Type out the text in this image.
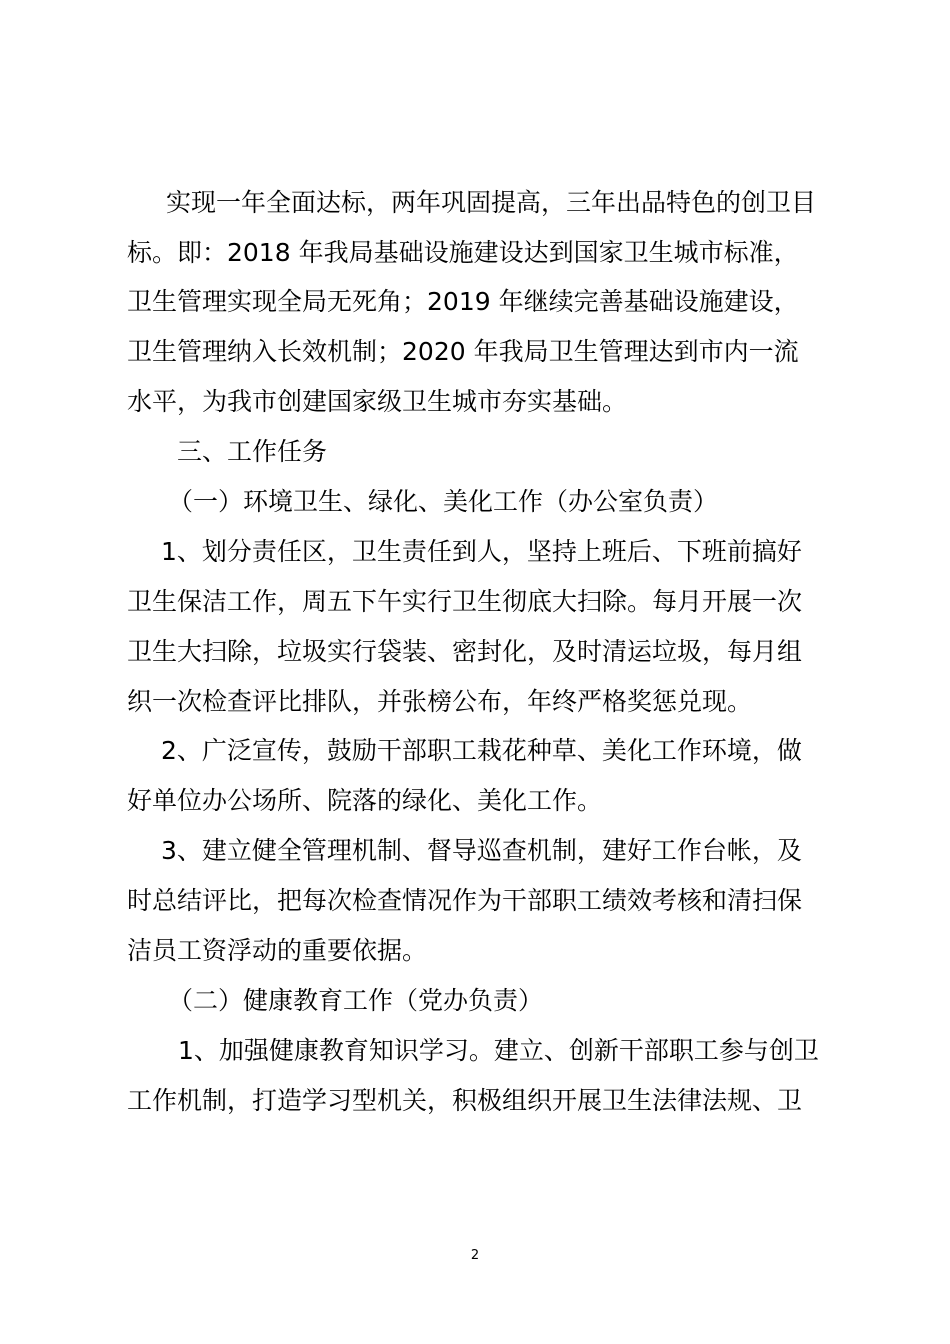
实现一年全面达标，两年巩固提高，三年出品特色的创卫目
标。即：2018 年我局基础设施建设达到国家卫生城市标准，
卫生管理实现全局无死角；2019 年继续完善基础设施建设，
卫生管理纳入长效机制；2020 年我局卫生管理达到市内一流
水平，为我市创建国家级卫生城市夯实基础。
三、工作任务
（一）环境卫生、绿化、美化工作（办公室负责）
1、划分责任区，卫生责任到人，坚持上班后、下班前搞好
卫生保洁工作，周五下午实行卫生彻底大扫除。每月开展一次
卫生大扫除，垃圾实行袋装、密封化，及时清运垃圾，每月组
织一次检查评比排队，并张榜公布，年终严格奖惩兑现。
2、广泛宣传，鼓励干部职工栽花种草、美化工作环境，做
好单位办公场所、院落的绿化、美化工作。
3、建立健全管理机制、督导巡查机制，建好工作台帐，及
时总结评比，把每次检查情况作为干部职工绩效考核和清扫保
洁员工资浮动的重要依据。
（二）健康教育工作（党办负责）
1、加强健康教育知识学习。建立、创新干部职工参与创卫
工作机制，打造学习型机关，积极组织开展卫生法律法规、卫
2
